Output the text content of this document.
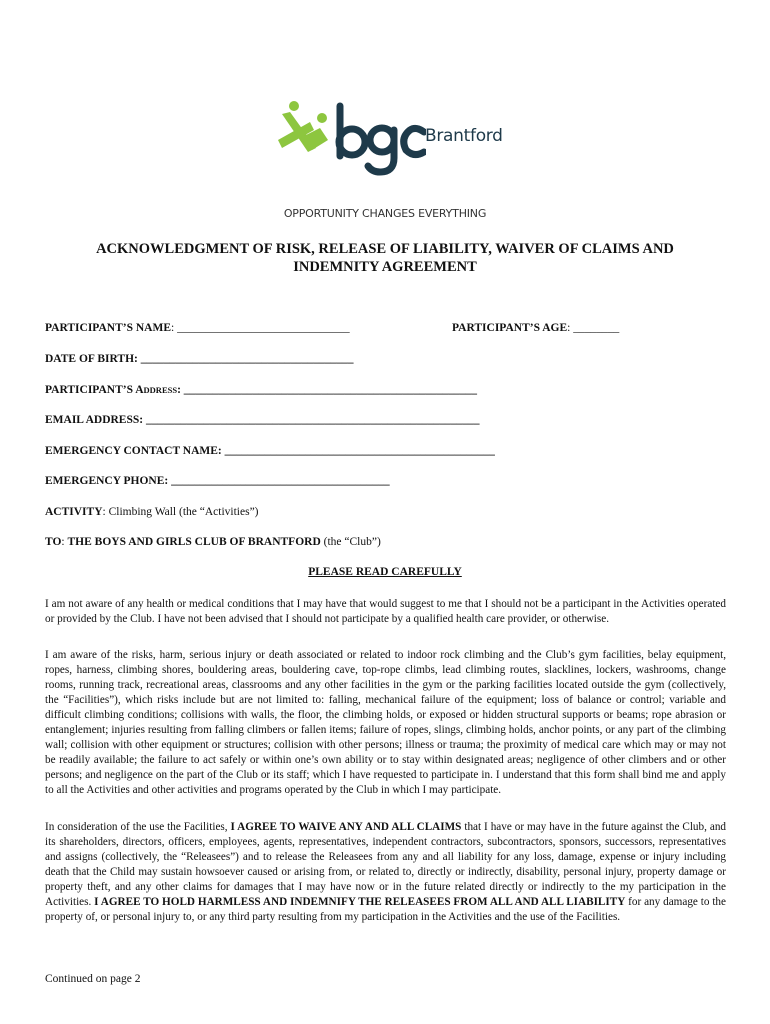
Brantford
OPPORTUNITY CHANGES EVERYTHING
ACKNOWLEDGMENT OF RISK, RELEASE OF LIABILITY, WAIVER OF CLAIMS AND INDEMNITY AGREEMENT
PARTICIPANT’S NAME: ______________________________	PARTICIPANT’S AGE: ________
DATE OF BIRTH: _____________________________________
PARTICIPANT’S ADDRESS: ___________________________________________________
EMAIL ADDRESS: __________________________________________________________
EMERGENCY CONTACT NAME: _______________________________________________
EMERGENCY PHONE: ______________________________________
ACTIVITY: Climbing Wall (the “Activities”)
TO: THE BOYS AND GIRLS CLUB OF BRANTFORD (the “Club”)
PLEASE READ CAREFULLY

I am not aware of any health or medical conditions that I may have that would suggest to me that I should not be a participant in the Activities operated or provided by the Club. I have not been advised that I should not participate by a qualified health care provider, or otherwise.

I am aware of the risks, harm, serious injury or death associated or related to indoor rock climbing and the Club’s gym facilities, belay equipment, ropes, harness, climbing shores, bouldering areas, bouldering cave, top-rope climbs, lead climbing routes, slacklines, lockers, washrooms, change rooms, running track, recreational areas, classrooms and any other facilities in the gym or the parking facilities located outside the gym (collectively, the “Facilities”), which risks include but are not limited to: falling, mechanical failure of the equipment; loss of balance or control; variable and difficult climbing conditions; collisions with walls, the floor, the climbing holds, or exposed or hidden structural supports or beams; rope abrasion or entanglement; injuries resulting from falling climbers or fallen items; failure of ropes, slings, climbing holds, anchor points, or any part of the climbing wall; collision with other equipment or structures; collision with other persons; illness or trauma; the proximity of medical care which may or may not be readily available; the failure to act safely or within one’s own ability or to stay within designated areas; negligence of other climbers and or other persons; and negligence on the part of the Club or its staff; which I have requested to participate in. I understand that this form shall bind me and apply to all the Activities and other activities and programs operated by the Club in which I may participate.

In consideration of the use the Facilities, I AGREE TO WAIVE ANY AND ALL CLAIMS that I have or may have in the future against the Club, and its shareholders, directors, officers, employees, agents, representatives, independent contractors, subcontractors, sponsors, successors, representatives and assigns (collectively, the “Releasees”) and to release the Releasees from any and all liability for any loss, damage, expense or injury including death that the Child may sustain howsoever caused or arising from, or related to, directly or indirectly, disability, personal injury, property damage or property theft, and any other claims for damages that I may have now or in the future related directly or indirectly to the my participation in the Activities. I AGREE TO HOLD HARMLESS AND INDEMNIFY THE RELEASEES FROM ALL AND ALL LIABILITY for any damage to the property of, or personal injury to, or any third party resulting from my participation in the Activities and the use of the Facilities.

Continued on page 2
